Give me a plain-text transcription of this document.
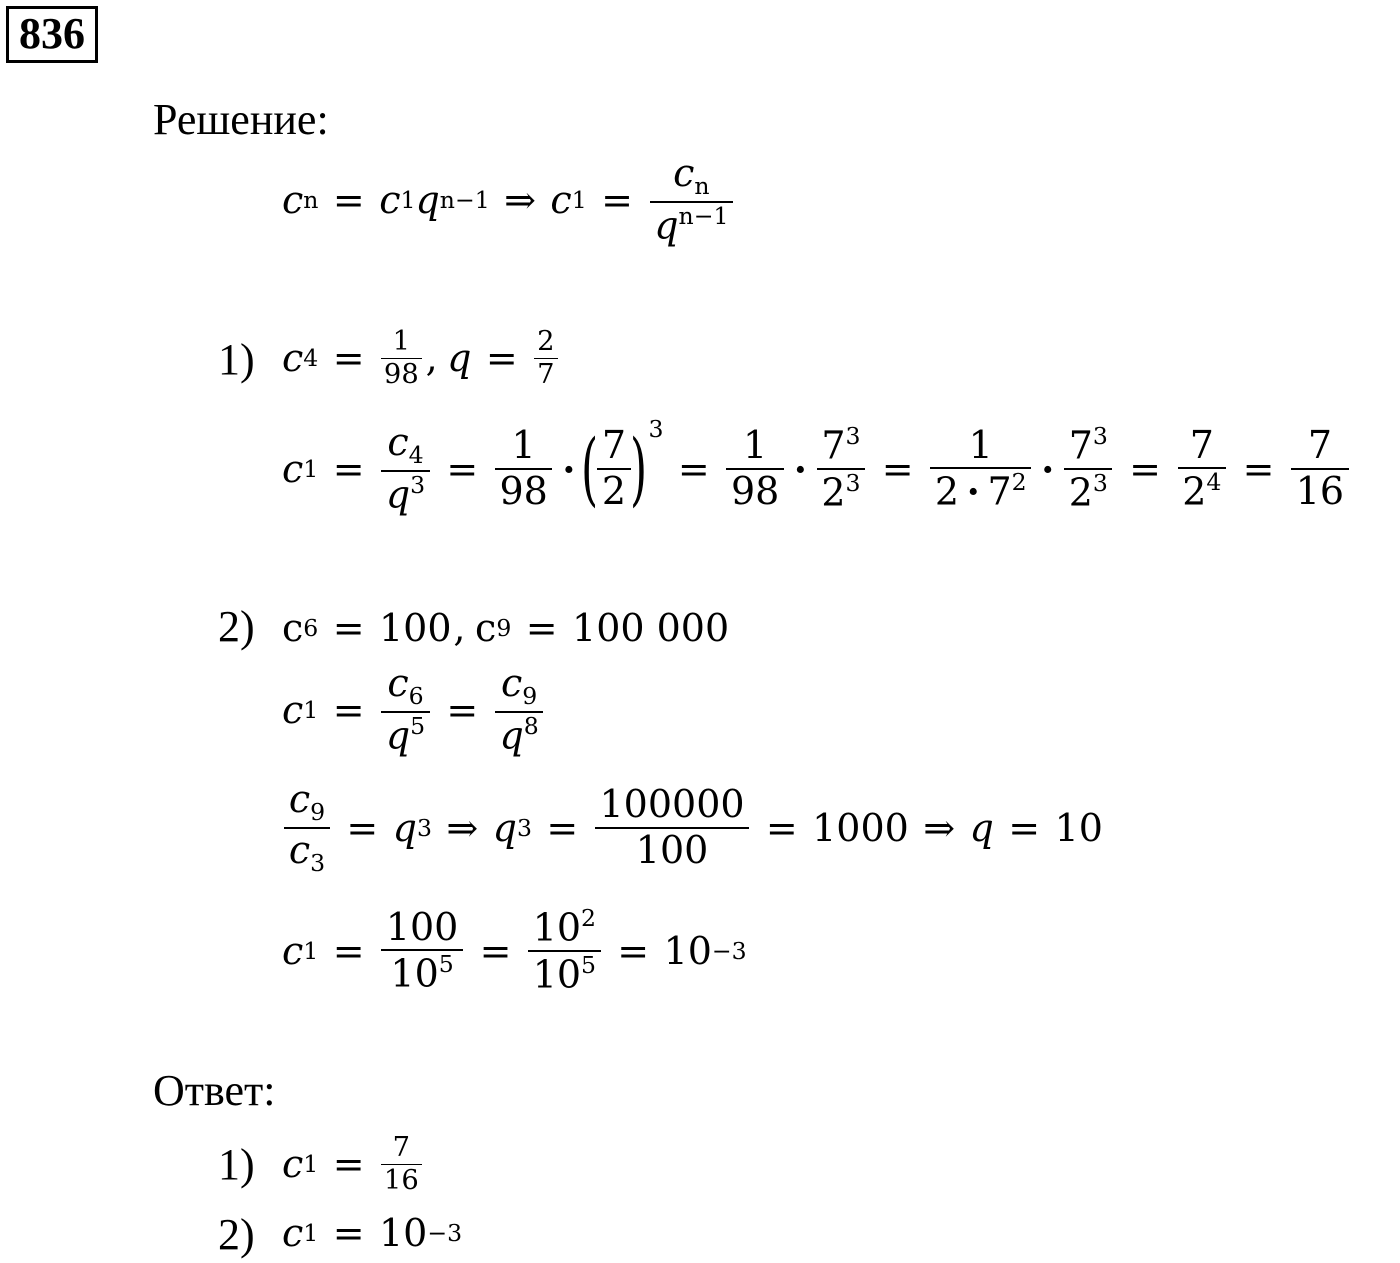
836
Решение:
c n = c 1 q n−1 ⇒ c $1 = \frac{c_n}{q^{n-1}}$
1) c $4 = \frac{1}{98}$ , $q = \frac{2}{7}$
c $1 = \frac{c_4}{q^3} = \frac{1}{98}$ · ( $\frac{7}{2}$ ) 3
= $\frac{1}{98} \cdot \frac{7^3}{2^3} = \frac{1}{2 \cdot 7^2} \cdot \frac{7^3}{2^3} = \frac{7}{2^4} = \frac{7}{16}$
2) c 6 = 100 , c 9 = 100 000
c $1 = \frac{c_6}{q^5} = \frac{c_9}{q^8}$
$\frac{c_9}{c_3} = q$ 3 ⇒ q $3 = \frac{100000}{100} = 1000$ ⇒ q = 10
c $1 = \frac{100}{10^5} = \frac{10^2}{10^5} = 10 -3$
Ответ:
1) c $1 = \frac{7}{16}$
2) c 1 = 10 −3
